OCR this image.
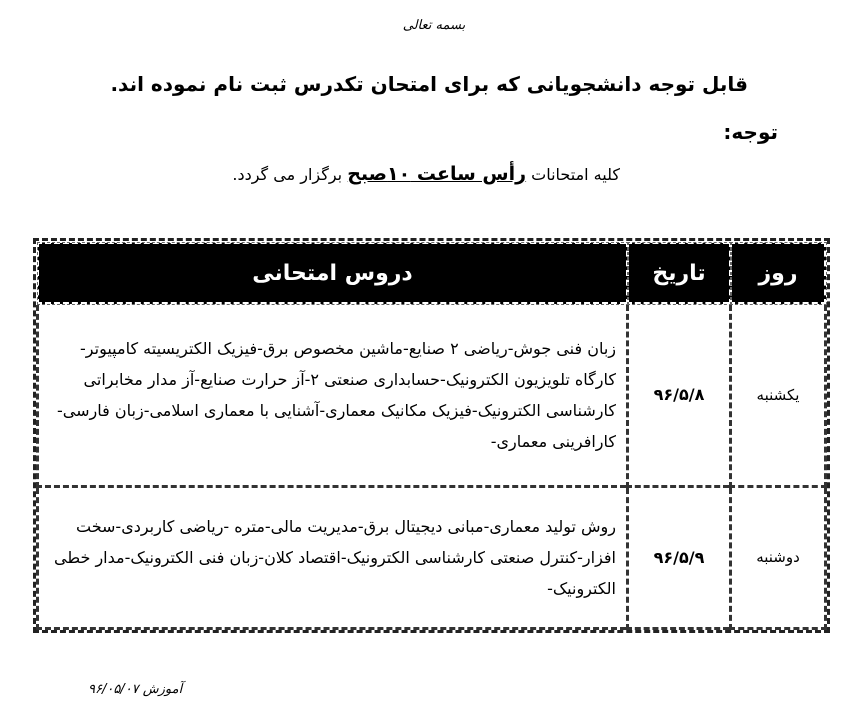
بسمه تعالی
قابل توجه دانشجویانی که برای امتحان تکدرس ثبت نام نموده اند.
توجه:
کلیه امتحانات رأس ساعت ۱۰صبح برگزار می گردد.
روز	تاریخ	دروس امتحانی
یکشنبه	۹۶/۵/۸	زبان فنی جوش-ریاضی ۲ صنایع-ماشین مخصوص برق-فیزیک الکتریسیته کامپیوتر-کارگاه تلویزیون الکترونیک-حسابداری صنعتی ۲-آز حرارت صنایع-آز مدار مخابراتی کارشناسی الکترونیک-فیزیک مکانیک معماری-آشنایی با معماری اسلامی-زبان فارسی-کارافرینی معماری-
دوشنبه	۹۶/۵/۹	روش تولید معماری-مبانی دیجیتال برق-مدیریت مالی-متره -ریاضی کاربردی-سخت افزار-کنترل صنعتی کارشناسی الکترونیک-اقتصاد کلان-زبان فنی الکترونیک-مدار خطی الکترونیک-
آموزش ۹۶/۰۵/۰۷
